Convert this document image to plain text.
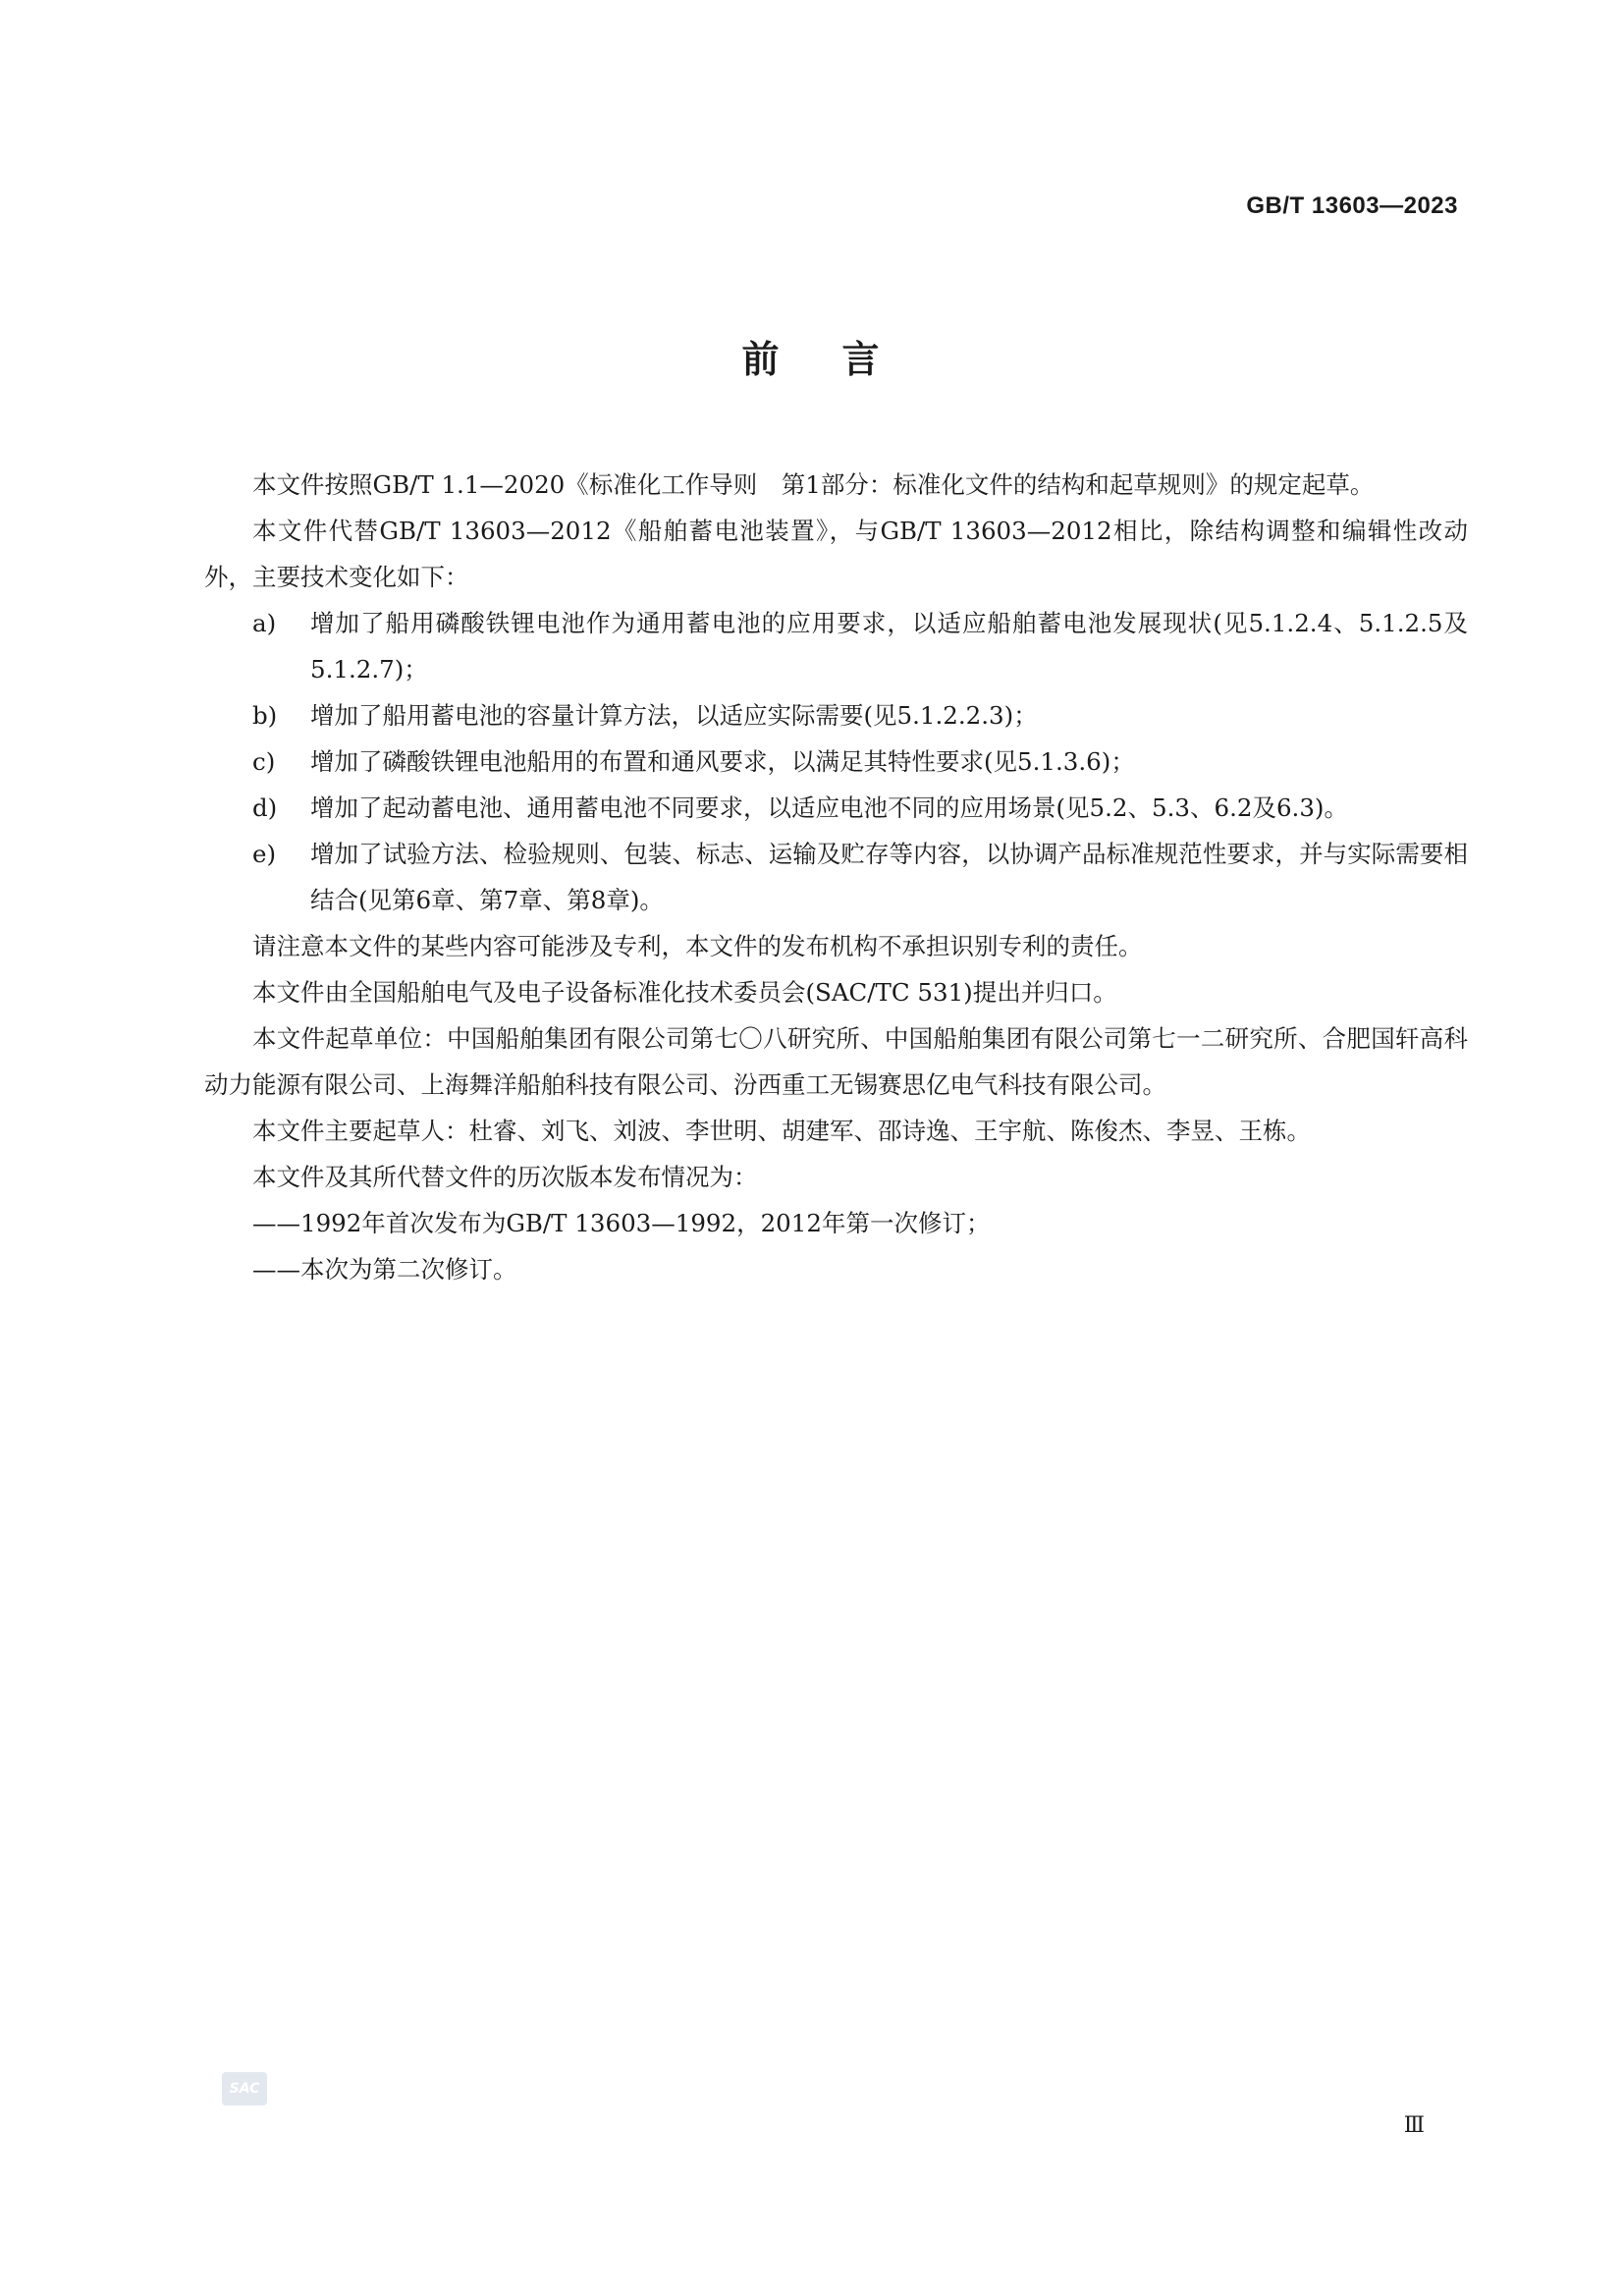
GB/T 13603—2023
前 言

本文件按照GB/T 1.1—2020《标准化工作导则　第1部分：标准化文件的结构和起草规则》的规定起草。

本文件代替GB/T 13603—2012《船舶蓄电池装置》，与GB/T 13603—2012相比，除结构调整和编辑性改动外，主要技术变化如下：

a)	增加了船用磷酸铁锂电池作为通用蓄电池的应用要求，以适应船舶蓄电池发展现状(见5.1.2.4、5.1.2.5及5.1.2.7)；
b)	增加了船用蓄电池的容量计算方法，以适应实际需要(见5.1.2.2.3)；
c)	增加了磷酸铁锂电池船用的布置和通风要求，以满足其特性要求(见5.1.3.6)；
d)	增加了起动蓄电池、通用蓄电池不同要求，以适应电池不同的应用场景(见5.2、5.3、6.2及6.3)。
e)	增加了试验方法、检验规则、包装、标志、运输及贮存等内容，以协调产品标准规范性要求，并与实际需要相结合(见第6章、第7章、第8章)。

请注意本文件的某些内容可能涉及专利，本文件的发布机构不承担识别专利的责任。

本文件由全国船舶电气及电子设备标准化技术委员会(SAC/TC 531)提出并归口。

本文件起草单位：中国船舶集团有限公司第七〇八研究所、中国船舶集团有限公司第七一二研究所、合肥国轩高科动力能源有限公司、上海舞洋船舶科技有限公司、汾西重工无锡赛思亿电气科技有限公司。

本文件主要起草人：杜睿、刘飞、刘波、李世明、胡建军、邵诗逸、王宇航、陈俊杰、李昱、王栋。

本文件及其所代替文件的历次版本发布情况为：

——1992年首次发布为GB/T 13603—1992，2012年第一次修订；

——本次为第二次修订。

SAC
Ⅲ
